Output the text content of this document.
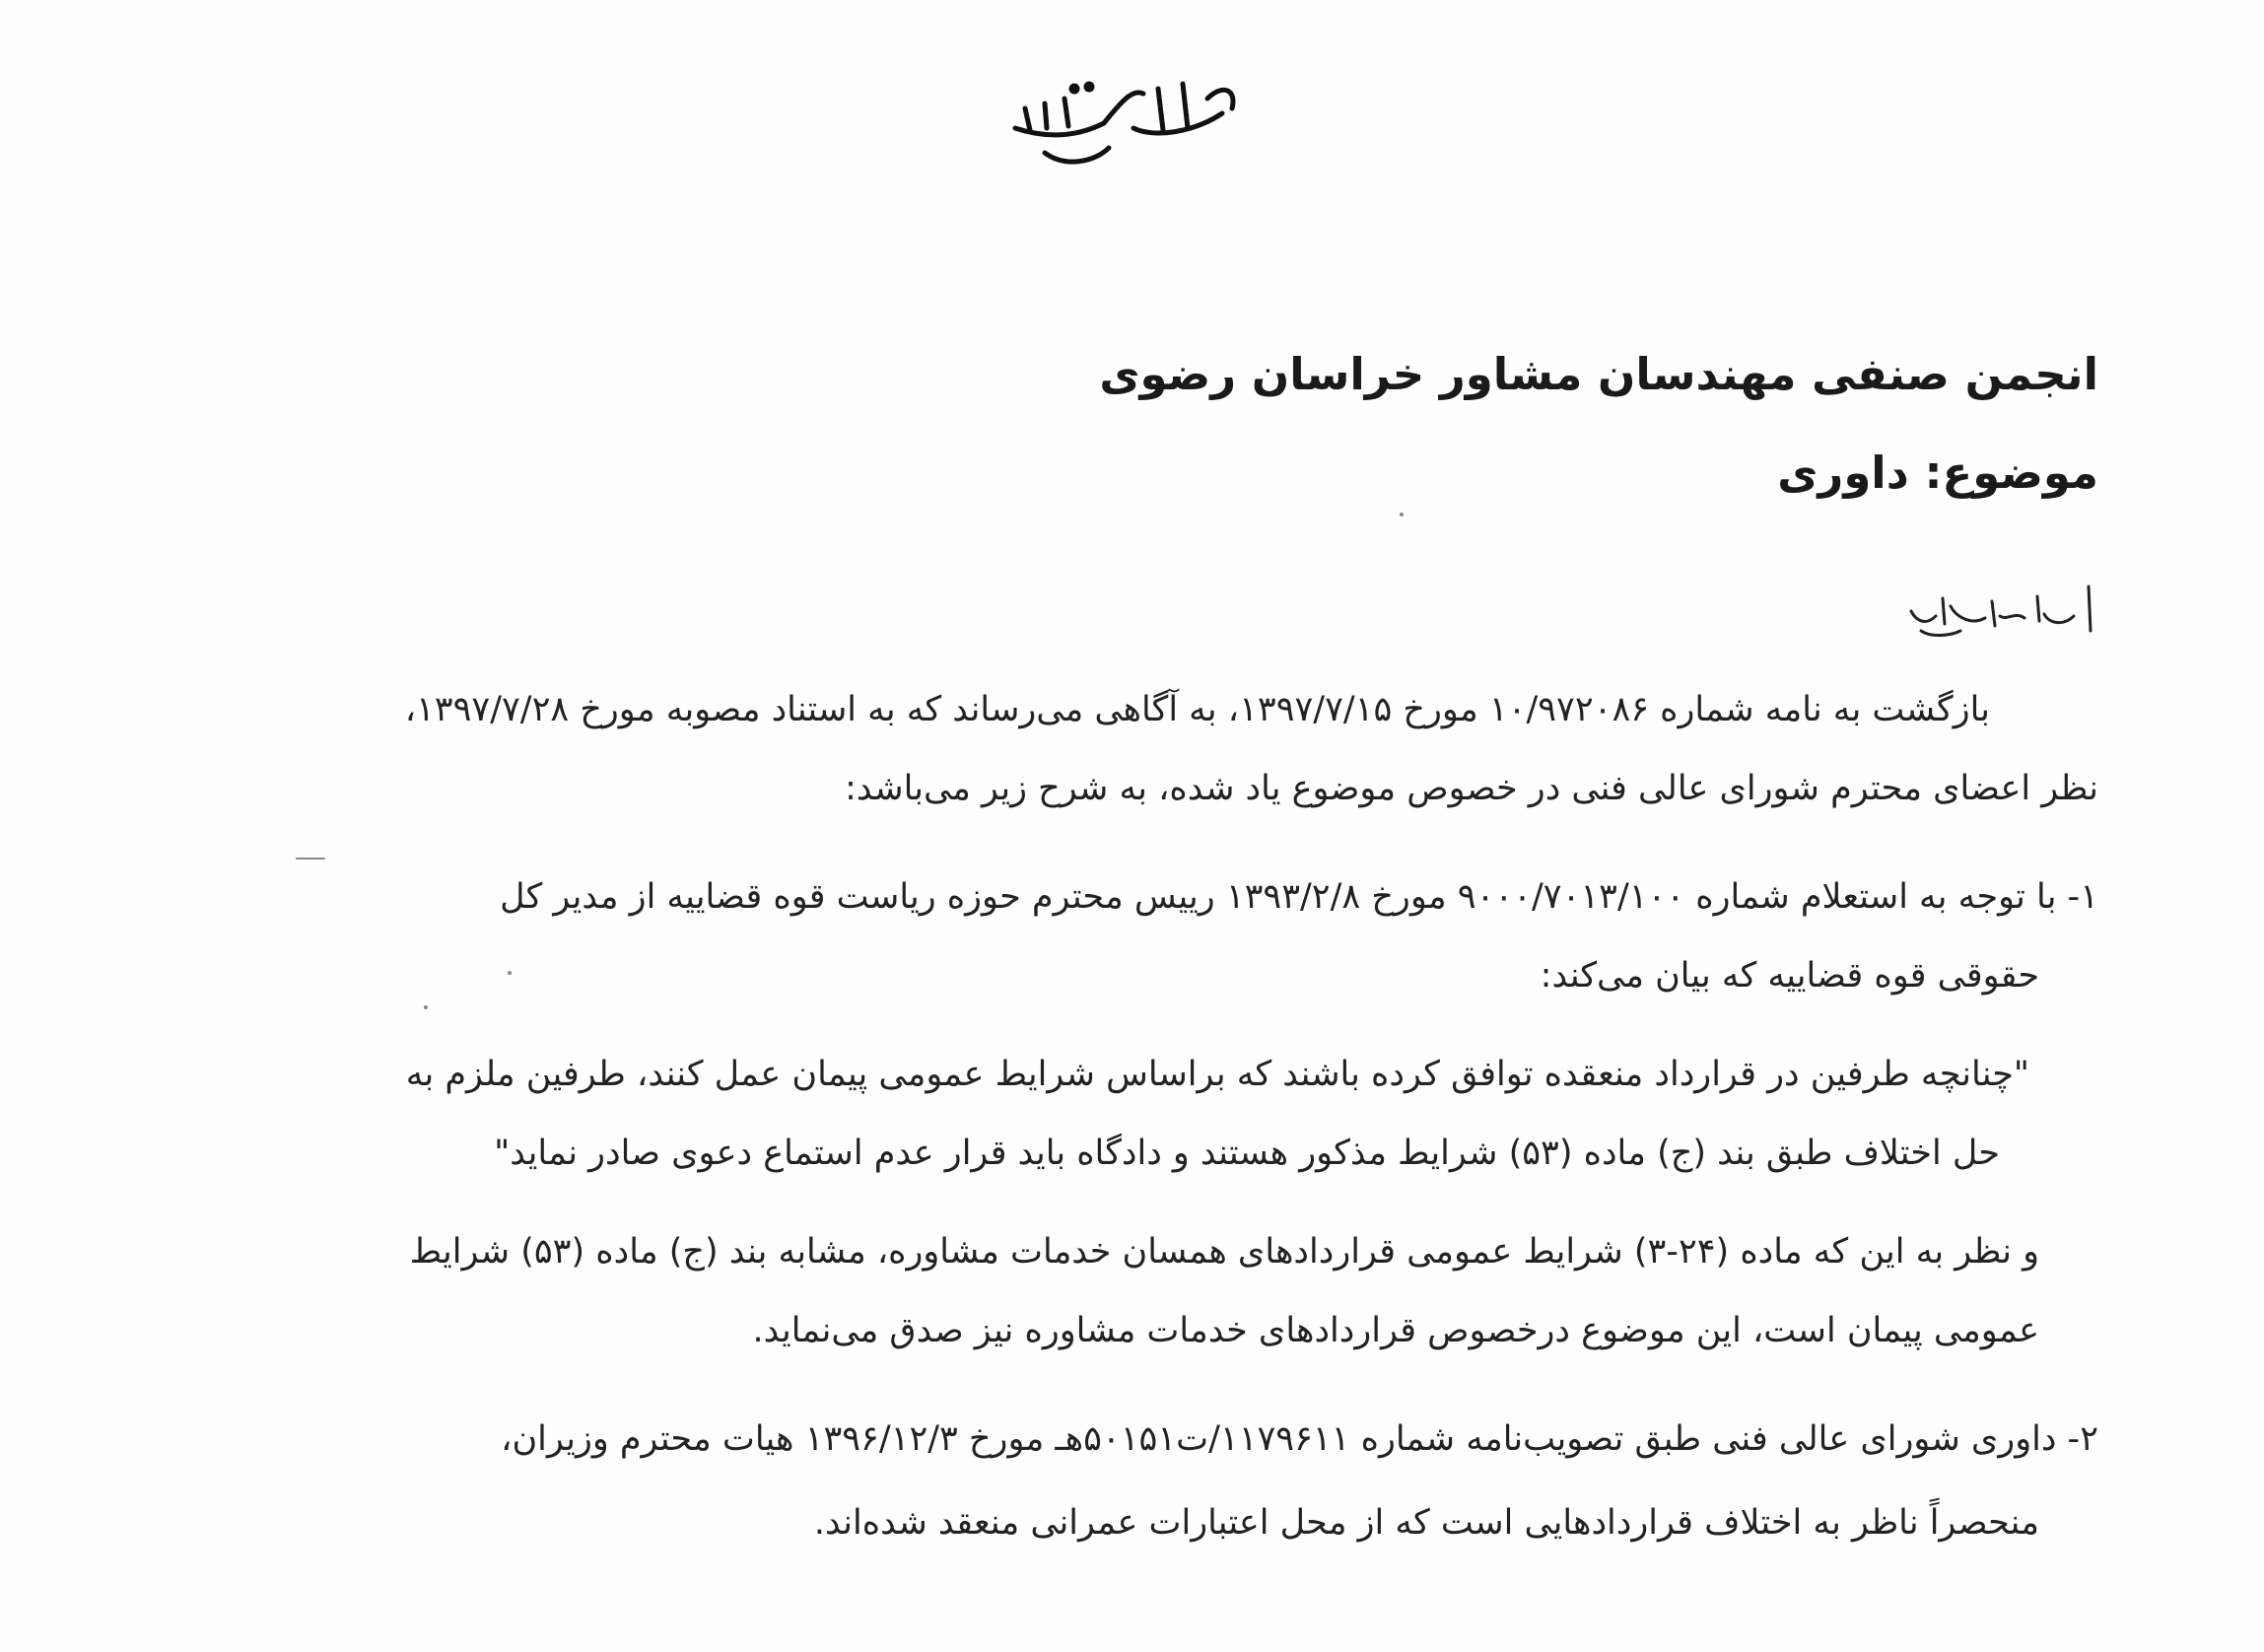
انجمن صنفی مهندسان مشاور خراسان رضوی
موضوع: داوری
بازگشت به نامه شماره ۱۰/۹۷۲۰۸۶ مورخ ۱۳۹۷/۷/۱۵، به آگاهی می‌رساند که به استناد مصوبه مورخ ۱۳۹۷/۷/۲۸،
نظر اعضای محترم شورای عالی فنی در خصوص موضوع یاد شده، به شرح زیر می‌باشد:
۱- با توجه به استعلام شماره ۹۰۰۰/۷۰۱۳/۱۰۰ مورخ ۱۳۹۳/۲/۸ رییس محترم حوزه ریاست قوه قضاییه از مدیر کل
حقوقی قوه قضاییه که بیان می‌کند:
"چنانچه طرفین در قرارداد منعقده توافق کرده باشند که براساس شرایط عمومی پیمان عمل کنند، طرفین ملزم به
حل اختلاف طبق بند (ج) ماده (۵۳) شرایط مذکور هستند و دادگاه باید قرار عدم استماع دعوی صادر نماید"
و نظر به این که ماده (۲۴-۳) شرایط عمومی قراردادهای همسان خدمات مشاوره، مشابه بند (ج) ماده (۵۳) شرایط
عمومی پیمان است، این موضوع درخصوص قراردادهای خدمات مشاوره نیز صدق می‌نماید.
۲- داوری شورای عالی فنی طبق تصویب‌نامه شماره ۱۱۷۹۶۱۱/ت۵۰۱۵۱هـ مورخ ۱۳۹۶/۱۲/۳ هیات محترم وزیران،
منحصراً ناظر به اختلاف قراردادهایی است که از محل اعتبارات عمرانی منعقد شده‌اند.
